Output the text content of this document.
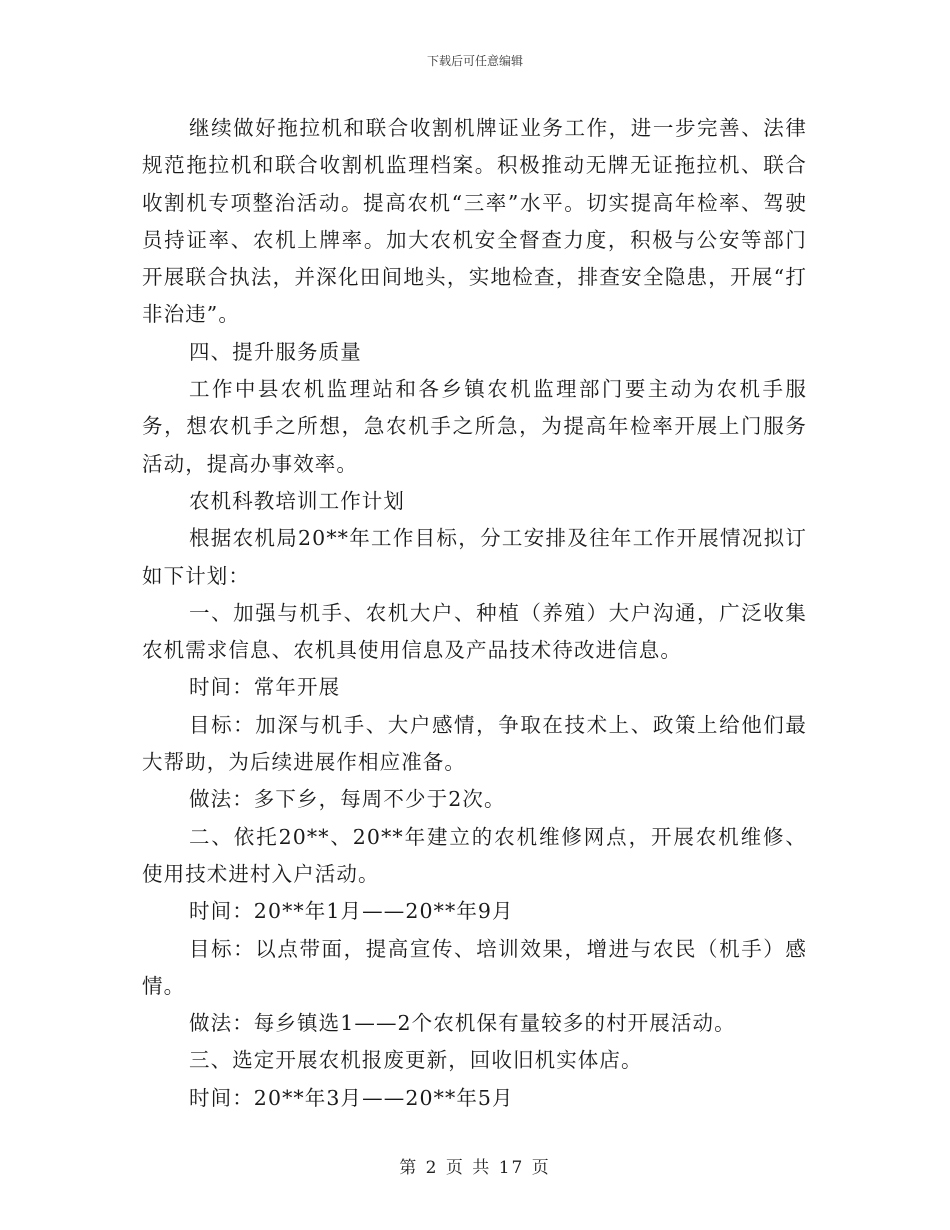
下载后可任意编辑

继续做好拖拉机和联合收割机牌证业务工作，进一步完善、法律规范拖拉机和联合收割机监理档案。积极推动无牌无证拖拉机、联合收割机专项整治活动。提高农机“三率”水平。切实提高年检率、驾驶员持证率、农机上牌率。加大农机安全督查力度，积极与公安等部门开展联合执法，并深化田间地头，实地检查，排查安全隐患，开展“打非治违”。

四、提升服务质量

工作中县农机监理站和各乡镇农机监理部门要主动为农机手服务，想农机手之所想，急农机手之所急，为提高年检率开展上门服务活动，提高办事效率。

农机科教培训工作计划

根据农机局20**年工作目标，分工安排及往年工作开展情况拟订如下计划：

一、加强与机手、农机大户、种植（养殖）大户沟通，广泛收集农机需求信息、农机具使用信息及产品技术待改进信息。

时间：常年开展

目标：加深与机手、大户感情，争取在技术上、政策上给他们最大帮助，为后续进展作相应准备。

做法：多下乡，每周不少于2次。

二、依托20**、20**年建立的农机维修网点，开展农机维修、使用技术进村入户活动。

时间：20**年1月——20**年9月

目标：以点带面，提高宣传、培训效果，增进与农民（机手）感情。

做法：每乡镇选1——2个农机保有量较多的村开展活动。

三、选定开展农机报废更新，回收旧机实体店。

时间：20**年3月——20**年5月

第 2 页 共 17 页
